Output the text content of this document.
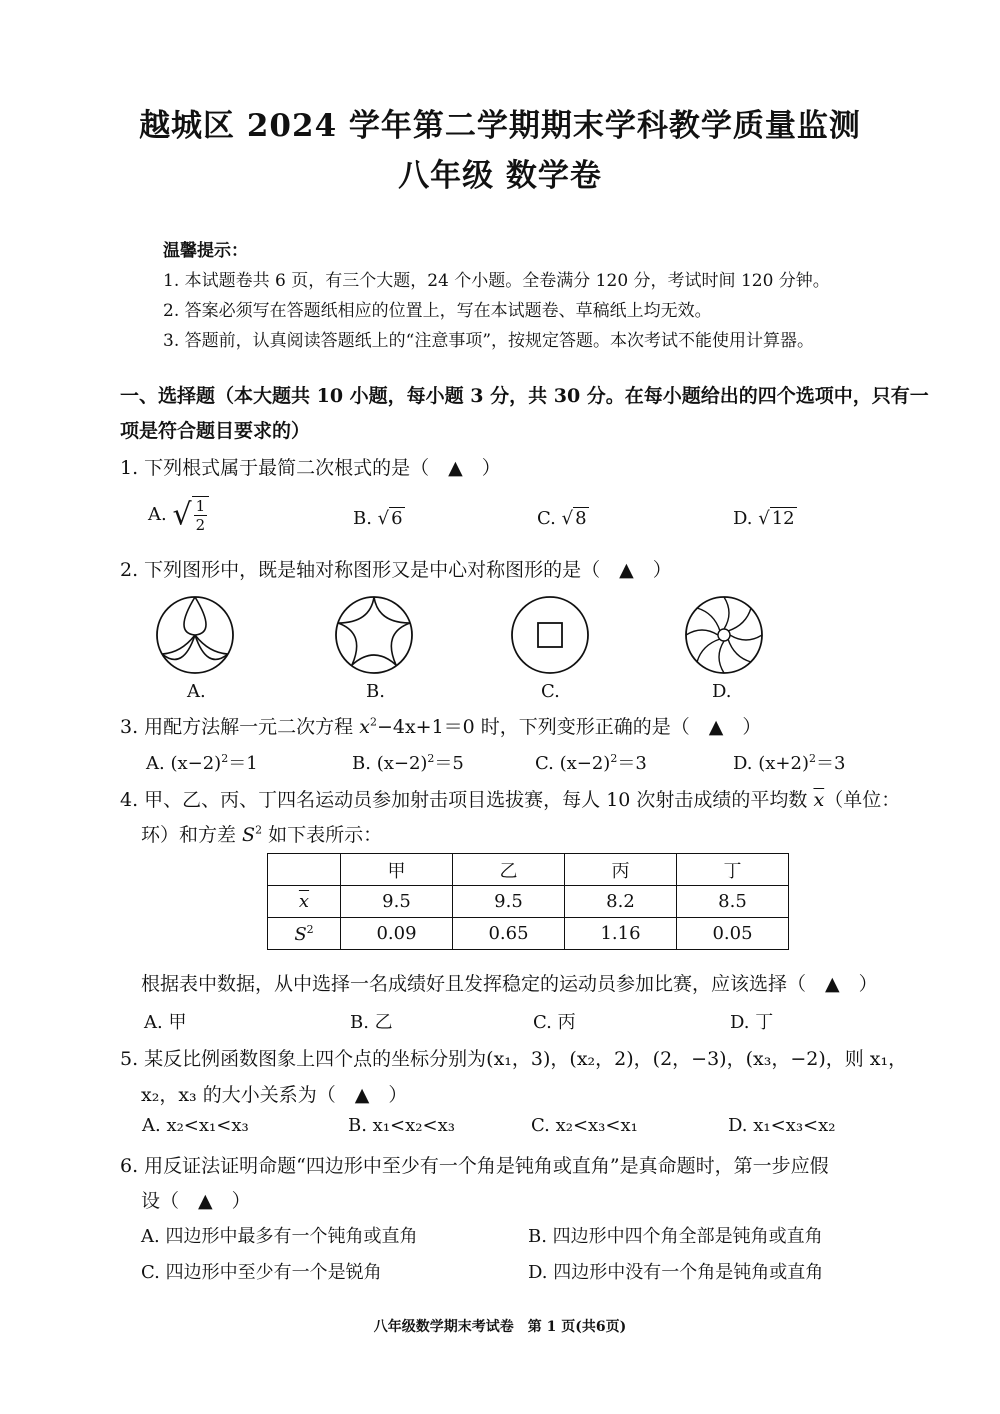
越城区 2024 学年第二学期期末学科教学质量监测
八年级 数学卷
温馨提示：
1. 本试题卷共 6 页，有三个大题，24 个小题。全卷满分 120 分，考试时间 120 分钟。
2. 答案必须写在答题纸相应的位置上，写在本试题卷、草稿纸上均无效。
3. 答题前，认真阅读答题纸上的“注意事项”，按规定答题。本次考试不能使用计算器。
一、选择题（本大题共 10 小题，每小题 3 分，共 30 分。在每小题给出的四个选项中，只有一
项是符合题目要求的）
1. 下列根式属于最简二次根式的是（　▲　）
A. √ $\frac{1}{2}$	B. √ 6	C. √ 8	D. √ 12
2. 下列图形中，既是轴对称图形又是中心对称图形的是（　▲　）
A.	B.	C.	D.
3. 用配方法解一元二次方程 $x^2-4x+1=0$ 时，下列变形正确的是（　▲　）
A. $(x-2)^2=1$	B. $(x-2)^2=5$	C. $(x-2)^2=3$	D. $(x+2)^2=3$
4. 甲、乙、丙、丁四名运动员参加射击项目选拔赛，每人 10 次射击成绩的平均数 $\overline{x}$（单位：
环）和方差 $S^2$ 如下表所示：
	甲	乙	丙	丁
$\overline{x}$	9.5	9.5	8.2	8.5
$S^2$	0.09	0.65	1.16	0.05
根据表中数据，从中选择一名成绩好且发挥稳定的运动员参加比赛，应该选择（　▲　）
A. 甲	B. 乙	C. 丙	D. 丁
5. 某反比例函数图象上四个点的坐标分别为(x₁，3)，(x₂，2)，(2，−3)，(x₃，−2)，则 x₁，
x₂，x₃ 的大小关系为（　▲　）
A. x₂<x₁<x₃	B. x₁<x₂<x₃	C. x₂<x₃<x₁	D. x₁<x₃<x₂
6. 用反证法证明命题“四边形中至少有一个角是钝角或直角”是真命题时，第一步应假
设（　▲　）
A. 四边形中最多有一个钝角或直角	B. 四边形中四个角全部是钝角或直角
C. 四边形中至少有一个是锐角	D. 四边形中没有一个角是钝角或直角
八年级数学期末考试卷　第 1 页(共6页)
